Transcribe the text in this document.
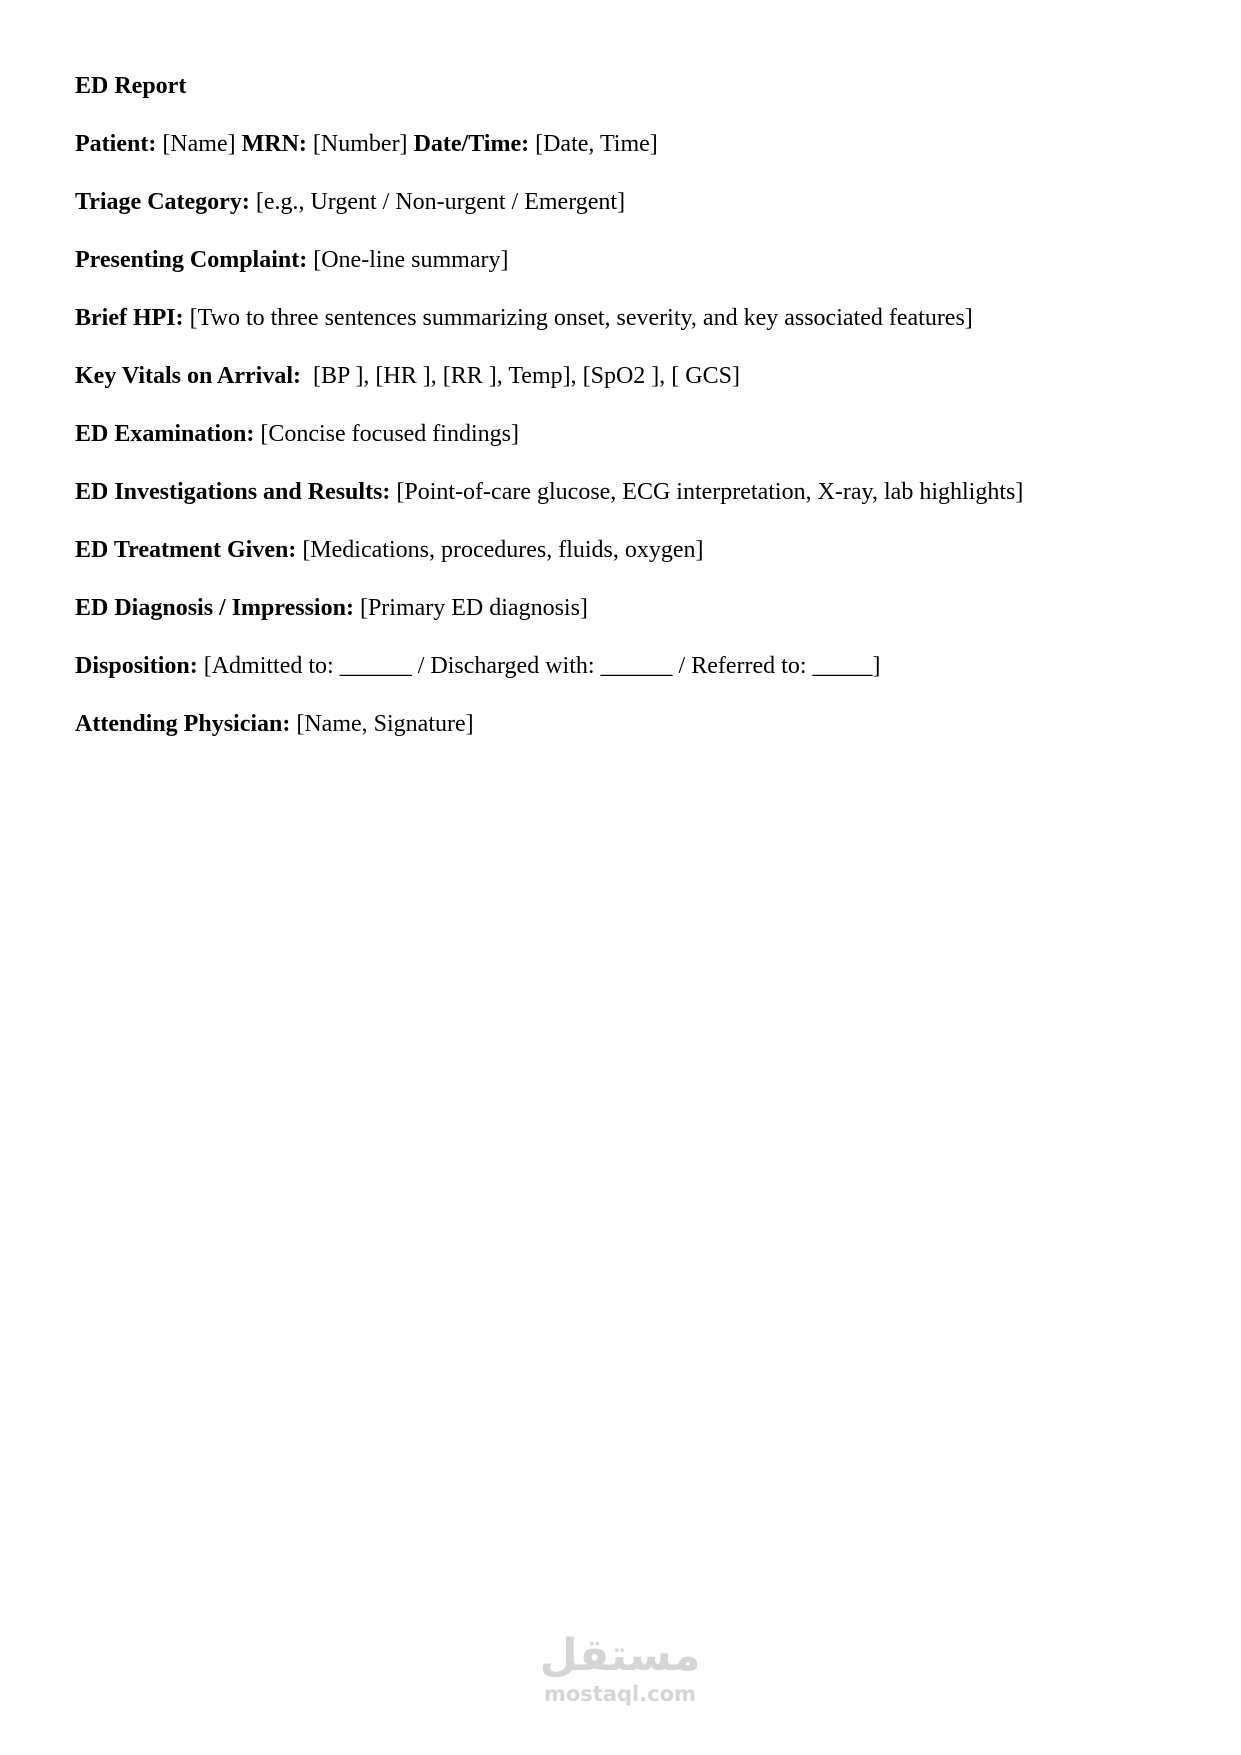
ED Report
Patient: [Name] MRN: [Number] Date/Time: [Date, Time]
Triage Category: [e.g., Urgent / Non-urgent / Emergent]
Presenting Complaint: [One-line summary]
Brief HPI: [Two to three sentences summarizing onset, severity, and key associated features]
Key Vitals on Arrival:  [BP ], [HR ], [RR ], Temp], [SpO2 ], [ GCS]
ED Examination: [Concise focused findings]
ED Investigations and Results: [Point-of-care glucose, ECG interpretation, X-ray, lab highlights]
ED Treatment Given: [Medications, procedures, fluids, oxygen]
ED Diagnosis / Impression: [Primary ED diagnosis]
Disposition: [Admitted to: ______ / Discharged with: ______ / Referred to: _____]
Attending Physician: [Name, Signature]
مستقل
mostaql.com
